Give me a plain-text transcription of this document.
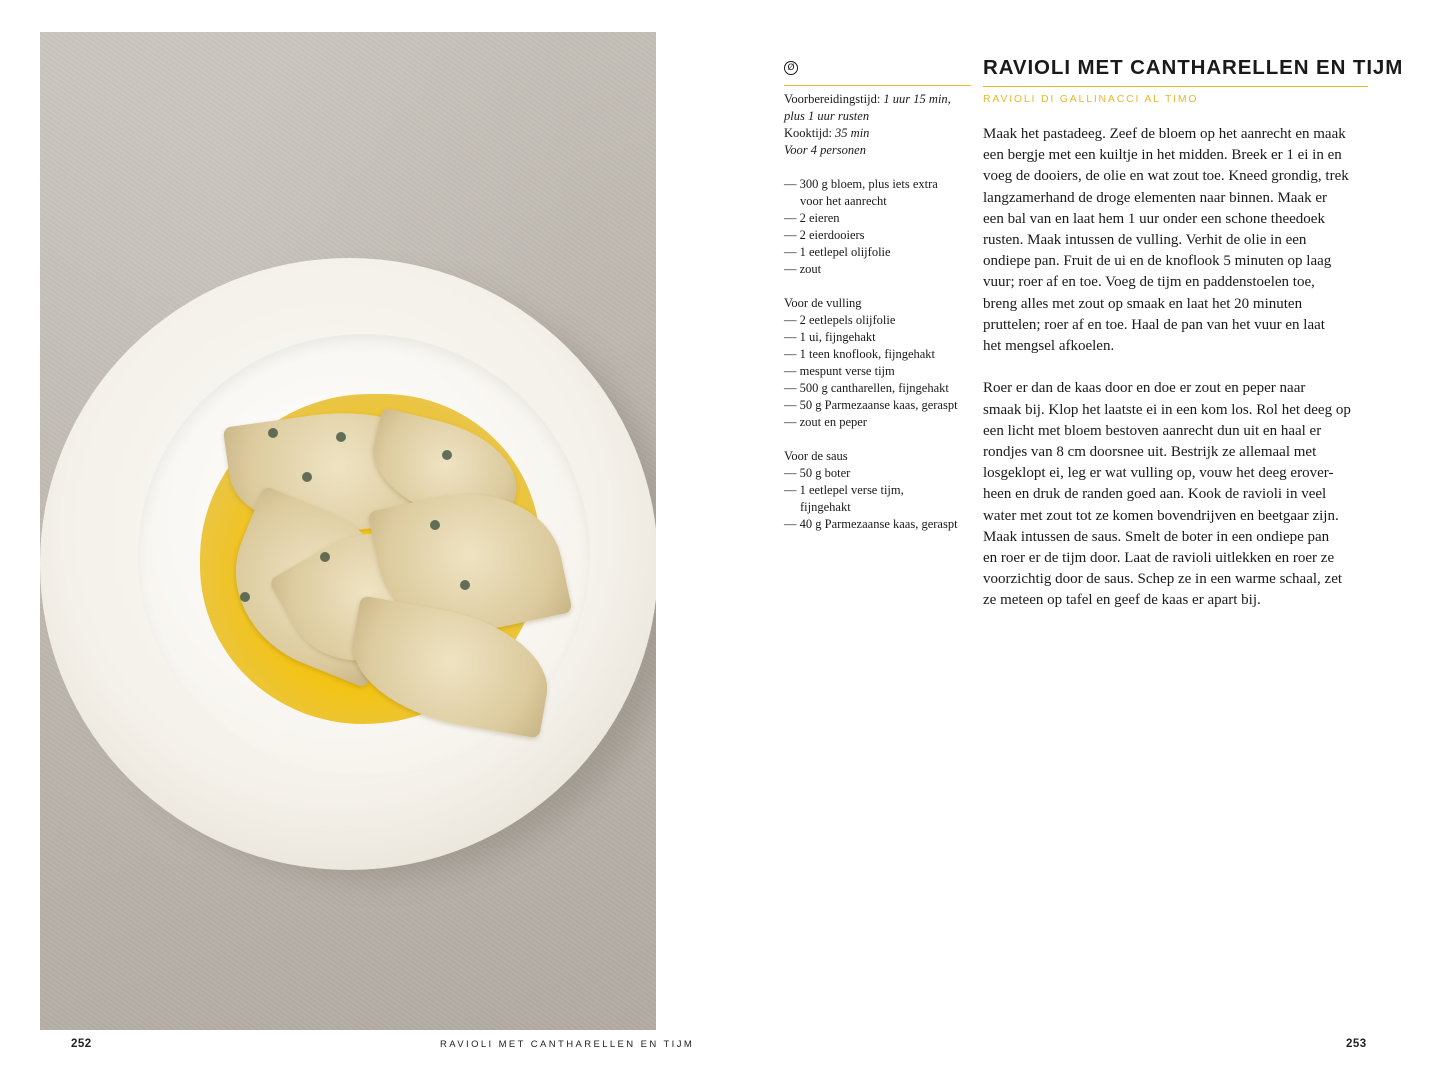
252	RAVIOLI MET CANTHARELLEN EN TIJM	253
Ø

Voorbereidingstijd: 1 uur 15 min,

plus 1 uur rusten

Kooktijd: 35 min

Voor 4 personen

— 300 g bloem, plus iets extra
voor het aanrecht
— 2 eieren
— 2 eierdooiers
— 1 eetlepel olijfolie
— zout

Voor de vulling

— 2 eetlepels olijfolie
— 1 ui, fijngehakt
— 1 teen knoflook, fijngehakt
— mespunt verse tijm
— 500 g cantharellen, fijngehakt
— 50 g Parmezaanse kaas, geraspt
— zout en peper

Voor de saus

— 50 g boter
— 1 eetlepel verse tijm,
fijngehakt
— 40 g Parmezaanse kaas, geraspt
RAVIOLI MET CANTHARELLEN EN TIJM

RAVIOLI DI GALLINACCI AL TIMO

Maak het pastadeeg. Zeef de bloem op het aanrecht en maak
een bergje met een kuiltje in het midden. Breek er 1 ei in en
voeg de dooiers, de olie en wat zout toe. Kneed grondig, trek
langzamerhand de droge elementen naar binnen. Maak er
een bal van en laat hem 1 uur onder een schone theedoek
rusten. Maak intussen de vulling. Verhit de olie in een
ondiepe pan. Fruit de ui en de knoflook 5 minuten op laag
vuur; roer af en toe. Voeg de tijm en paddenstoelen toe,
breng alles met zout op smaak en laat het 20 minuten
pruttelen; roer af en toe. Haal de pan van het vuur en laat
het mengsel afkoelen.
Roer er dan de kaas door en doe er zout en peper naar
smaak bij. Klop het laatste ei in een kom los. Rol het deeg op
een licht met bloem bestoven aanrecht dun uit en haal er
rondjes van 8 cm doorsnee uit. Bestrijk ze allemaal met
losgeklopt ei, leg er wat vulling op, vouw het deeg erover-
heen en druk de randen goed aan. Kook de ravioli in veel
water met zout tot ze komen bovendrijven en beetgaar zijn.
Maak intussen de saus. Smelt de boter in een ondiepe pan
en roer er de tijm door. Laat de ravioli uitlekken en roer ze
voorzichtig door de saus. Schep ze in een warme schaal, zet
ze meteen op tafel en geef de kaas er apart bij.
